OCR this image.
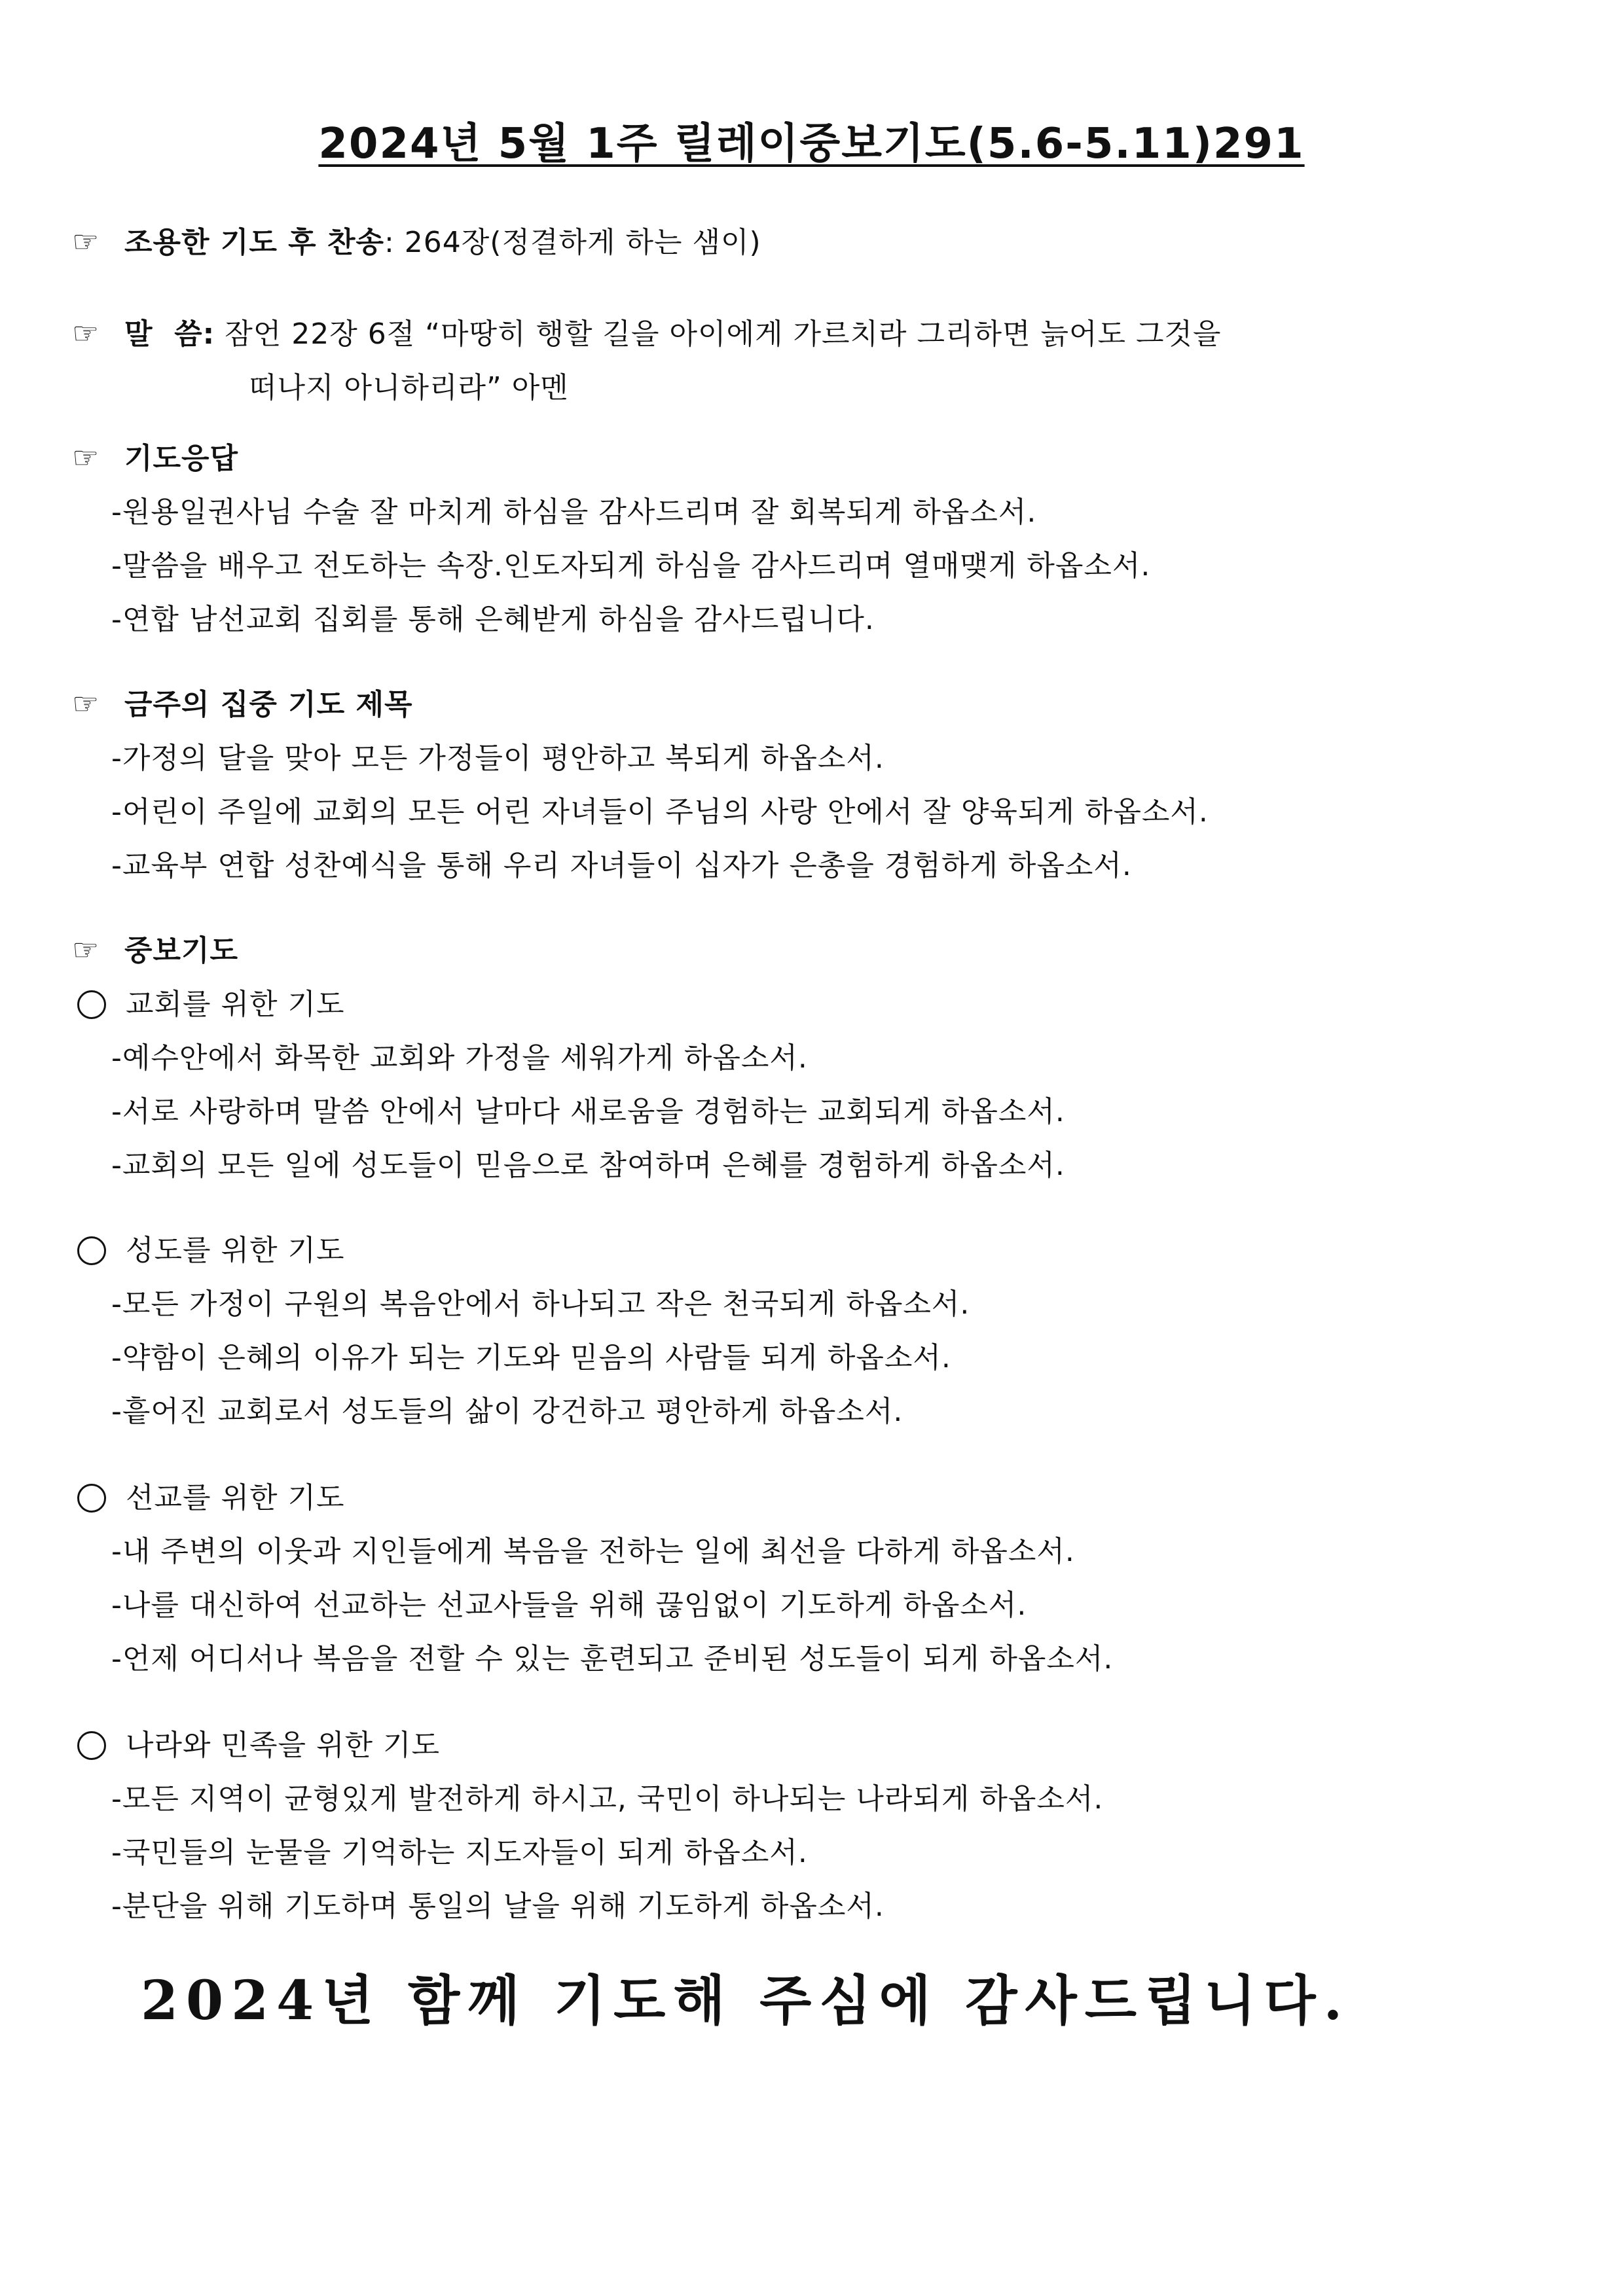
2024년 5월 1주 릴레이중보기도(5.6-5.11)291
☞ 조용한 기도 후 찬송: 264장(정결하게 하는 샘이)
☞ 말  씀: 잠언 22장 6절 “마땅히 행할 길을 아이에게 가르치라 그리하면 늙어도 그것을
떠나지 아니하리라” 아멘
☞ 기도응답
-원용일권사님 수술 잘 마치게 하심을 감사드리며 잘 회복되게 하옵소서.
-말씀을 배우고 전도하는 속장.인도자되게 하심을 감사드리며 열매맺게 하옵소서.
-연합 남선교회 집회를 통해 은혜받게 하심을 감사드립니다.
☞ 금주의 집중 기도 제목
-가정의 달을 맞아 모든 가정들이 평안하고 복되게 하옵소서.
-어린이 주일에 교회의 모든 어린 자녀들이 주님의 사랑 안에서 잘 양육되게 하옵소서.
-교육부 연합 성찬예식을 통해 우리 자녀들이 십자가 은총을 경험하게 하옵소서.
☞ 중보기도
교회를 위한 기도
-예수안에서 화목한 교회와 가정을 세워가게 하옵소서.
-서로 사랑하며 말씀 안에서 날마다 새로움을 경험하는 교회되게 하옵소서.
-교회의 모든 일에 성도들이 믿음으로 참여하며 은혜를 경험하게 하옵소서.
성도를 위한 기도
-모든 가정이 구원의 복음안에서 하나되고 작은 천국되게 하옵소서.
-약함이 은혜의 이유가 되는 기도와 믿음의 사람들 되게 하옵소서.
-흩어진 교회로서 성도들의 삶이 강건하고 평안하게 하옵소서.
선교를 위한 기도
-내 주변의 이웃과 지인들에게 복음을 전하는 일에 최선을 다하게 하옵소서.
-나를 대신하여 선교하는 선교사들을 위해 끊임없이 기도하게 하옵소서.
-언제 어디서나 복음을 전할 수 있는 훈련되고 준비된 성도들이 되게 하옵소서.
나라와 민족을 위한 기도
-모든 지역이 균형있게 발전하게 하시고, 국민이 하나되는 나라되게 하옵소서.
-국민들의 눈물을 기억하는 지도자들이 되게 하옵소서.
-분단을 위해 기도하며 통일의 날을 위해 기도하게 하옵소서.
2024년 함께 기도해 주심에 감사드립니다.
